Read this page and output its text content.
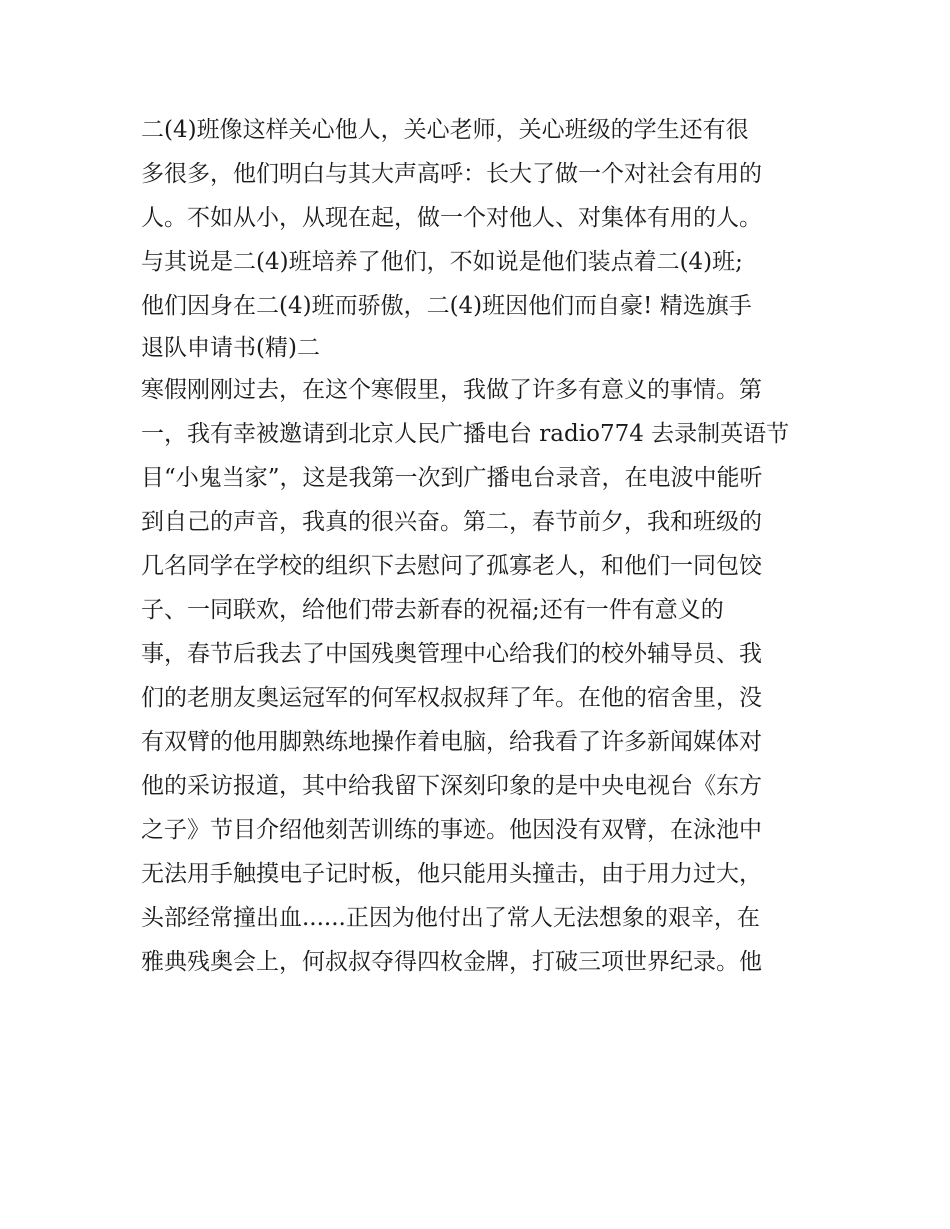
二(4)班像这样关心他人，关心老师，关心班级的学生还有很
多很多，他们明白与其大声高呼：长大了做一个对社会有用的
人。不如从小，从现在起，做一个对他人、对集体有用的人。
与其说是二(4)班培养了他们，不如说是他们装点着二(4)班;
他们因身在二(4)班而骄傲，二(4)班因他们而自豪! 精选旗手
退队申请书(精)二
寒假刚刚过去，在这个寒假里，我做了许多有意义的事情。第
一，我有幸被邀请到北京人民广播电台 radio774 去录制英语节
目“小鬼当家”，这是我第一次到广播电台录音，在电波中能听
到自己的声音，我真的很兴奋。第二，春节前夕，我和班级的
几名同学在学校的组织下去慰问了孤寡老人，和他们一同包饺
子、一同联欢，给他们带去新春的祝福;还有一件有意义的
事，春节后我去了中国残奥管理中心给我们的校外辅导员、我
们的老朋友奥运冠军的何军权叔叔拜了年。在他的宿舍里，没
有双臂的他用脚熟练地操作着电脑，给我看了许多新闻媒体对
他的采访报道，其中给我留下深刻印象的是中央电视台《东方
之子》节目介绍他刻苦训练的事迹。他因没有双臂，在泳池中
无法用手触摸电子记时板，他只能用头撞击，由于用力过大，
头部经常撞出血......正因为他付出了常人无法想象的艰辛，在
雅典残奥会上，何叔叔夺得四枚金牌，打破三项世界纪录。他
